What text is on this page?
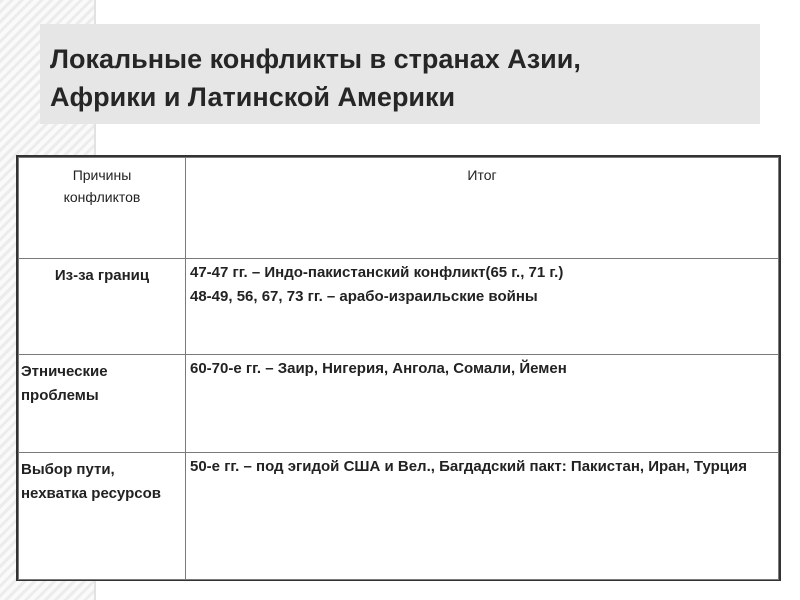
Локальные конфликты в странах Азии,
Африки и Латинской Америки
Причины
конфликтов	Итог

Из-за границ	47-47 гг. – Индо-пакистанский конфликт(65 г., 71 г.)
48-49, 56, 67, 73 гг. – арабо-израильские войны

Этнические проблемы	60-70-е гг. – Заир, Нигерия, Ангола, Сомали, Йемен

Выбор пути, нехватка ресурсов	50-е гг. – под эгидой США и Вел., Багдадский пакт: Пакистан, Иран, Турция
